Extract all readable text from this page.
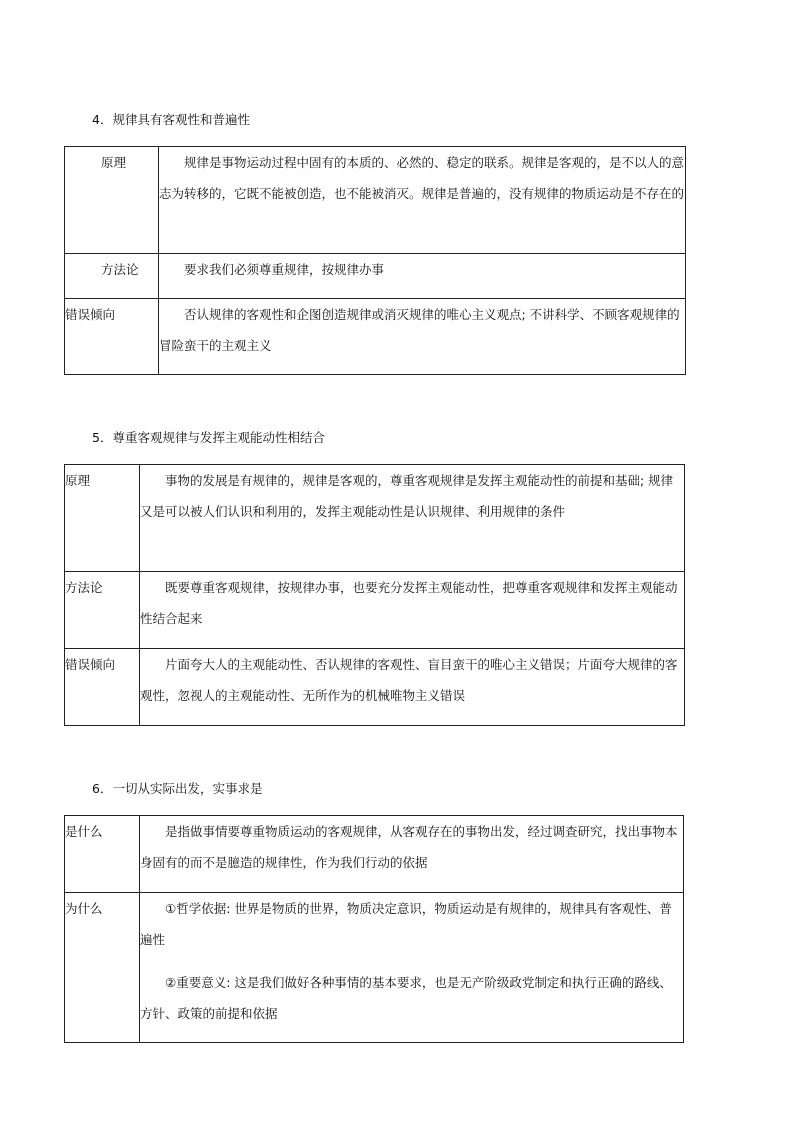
4．规律具有客观性和普遍性
原理	规律是事物运动过程中固有的本质的、必然的、稳定的联系。规律是客观的，是不以人的意志为转移的，它既不能被创造，也不能被消灭。规律是普遍的，没有规律的物质运动是不存在的

方法论	要求我们必须尊重规律，按规律办事

错误倾向	否认规律的客观性和企图创造规律或消灭规律的唯心主义观点; 不讲科学、不顾客观规律的冒险蛮干的主观主义

5．尊重客观规律与发挥主观能动性相结合
原理	事物的发展是有规律的，规律是客观的，尊重客观规律是发挥主观能动性的前提和基础; 规律又是可以被人们认识和利用的，发挥主观能动性是认识规律、利用规律的条件

方法论	既要尊重客观规律，按规律办事，也要充分发挥主观能动性，把尊重客观规律和发挥主观能动性结合起来

错误倾向	片面夸大人的主观能动性、否认规律的客观性、盲目蛮干的唯心主义错误；片面夸大规律的客观性，忽视人的主观能动性、无所作为的机械唯物主义错误

6．一切从实际出发，实事求是
是什么	是指做事情要尊重物质运动的客观规律，从客观存在的事物出发，经过调查研究，找出事物本身固有的而不是臆造的规律性，作为我们行动的依据

为什么	①哲学依据: 世界是物质的世界，物质决定意识，物质运动是有规律的，规律具有客观性、普遍性

②重要意义: 这是我们做好各种事情的基本要求，也是无产阶级政党制定和执行正确的路线、方针、政策的前提和依据
